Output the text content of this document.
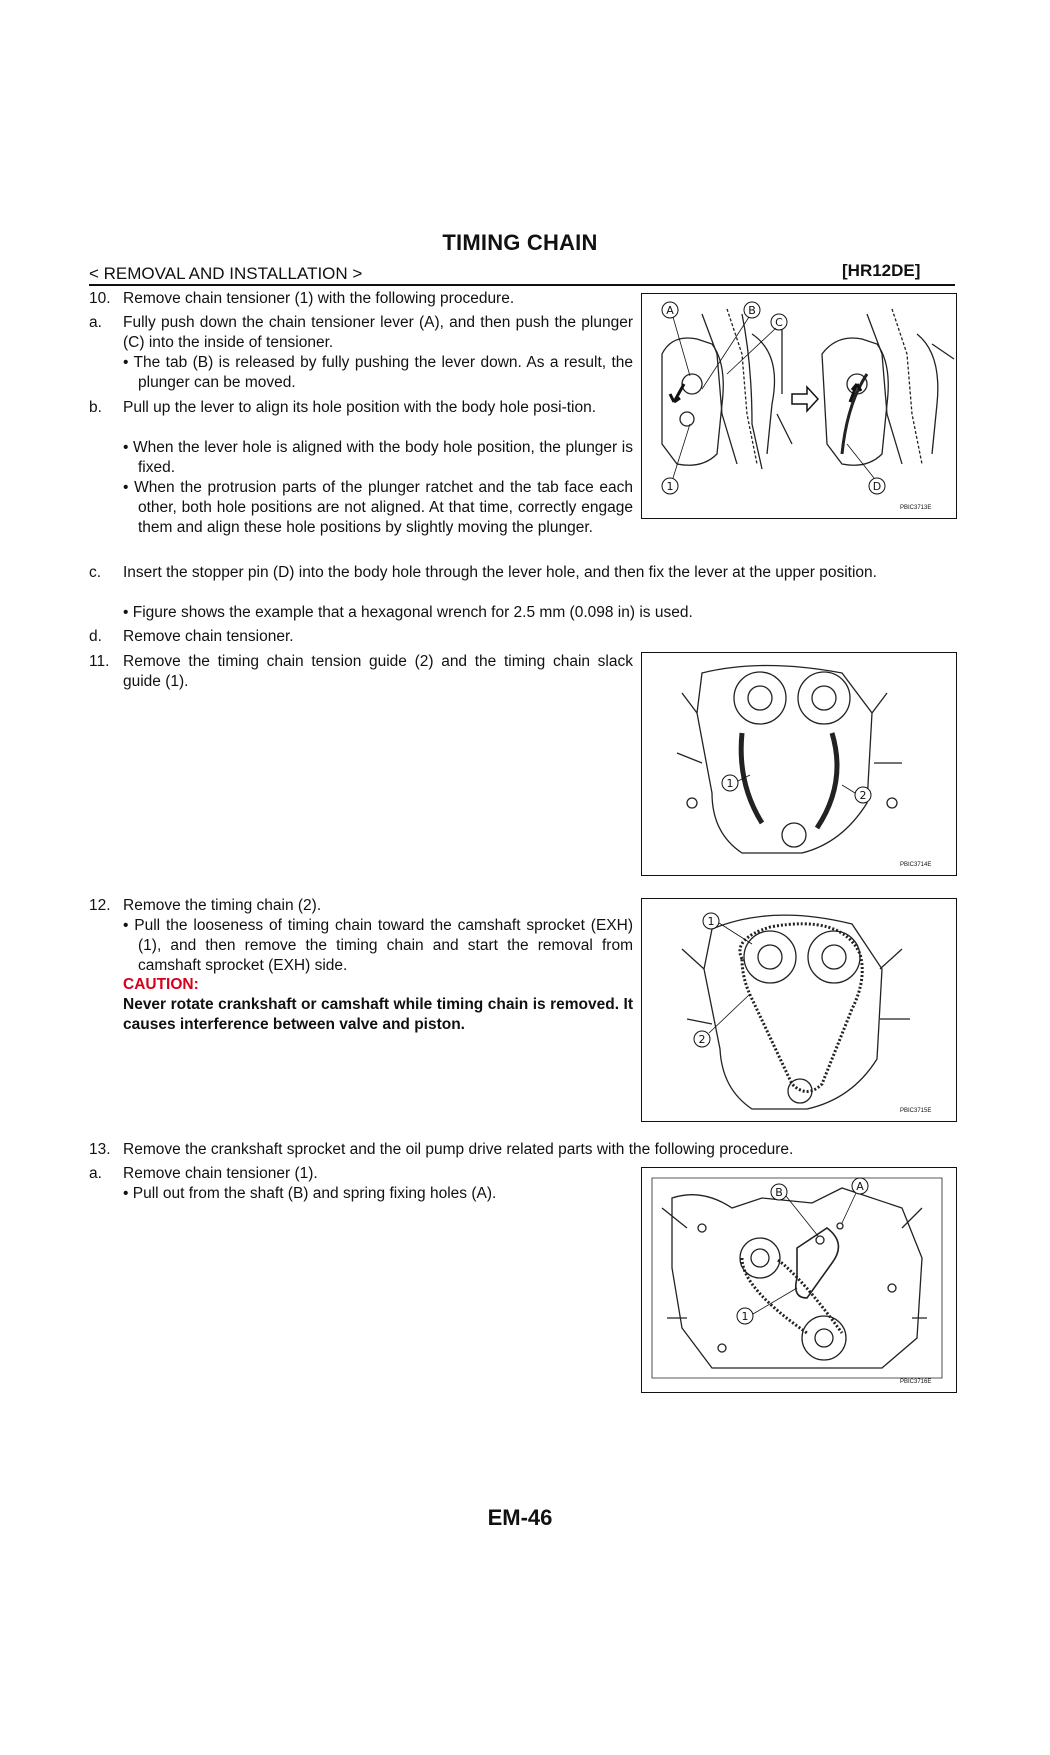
TIMING CHAIN
< REMOVAL AND INSTALLATION >	[HR12DE]
10. Remove chain tensioner (1) with the following procedure.
a. Fully push down the chain tensioner lever (A), and then push the plunger (C) into the inside of tensioner.
• The tab (B) is released by fully pushing the lever down. As a result, the plunger can be moved.
b. Pull up the lever to align its hole position with the body hole posi-tion.
• When the lever hole is aligned with the body hole position, the plunger is fixed.
• When the protrusion parts of the plunger ratchet and the tab face each other, both hole positions are not aligned. At that time, correctly engage them and align these hole positions by slightly moving the plunger.
c. Insert the stopper pin (D) into the body hole through the lever hole, and then fix the lever at the upper position.
• Figure shows the example that a hexagonal wrench for 2.5 mm (0.098 in) is used.
d. Remove chain tensioner.
11. Remove the timing chain tension guide (2) and the timing chain slack guide (1).
12. Remove the timing chain (2).
• Pull the looseness of timing chain toward the camshaft sprocket (EXH) (1), and then remove the timing chain and start the removal from camshaft sprocket (EXH) side.
CAUTION:
Never rotate crankshaft or camshaft while timing chain is removed. It causes interference between valve and piston.
13. Remove the crankshaft sprocket and the oil pump drive related parts with the following procedure.
a. Remove chain tensioner (1).
• Pull out from the shaft (B) and spring fixing holes (A).
A	B
C
1	D
PBIC3713E
1
2
PBIC3714E
1
2
PBIC3715E
B	A
1
PBIC3716E
EM-46
